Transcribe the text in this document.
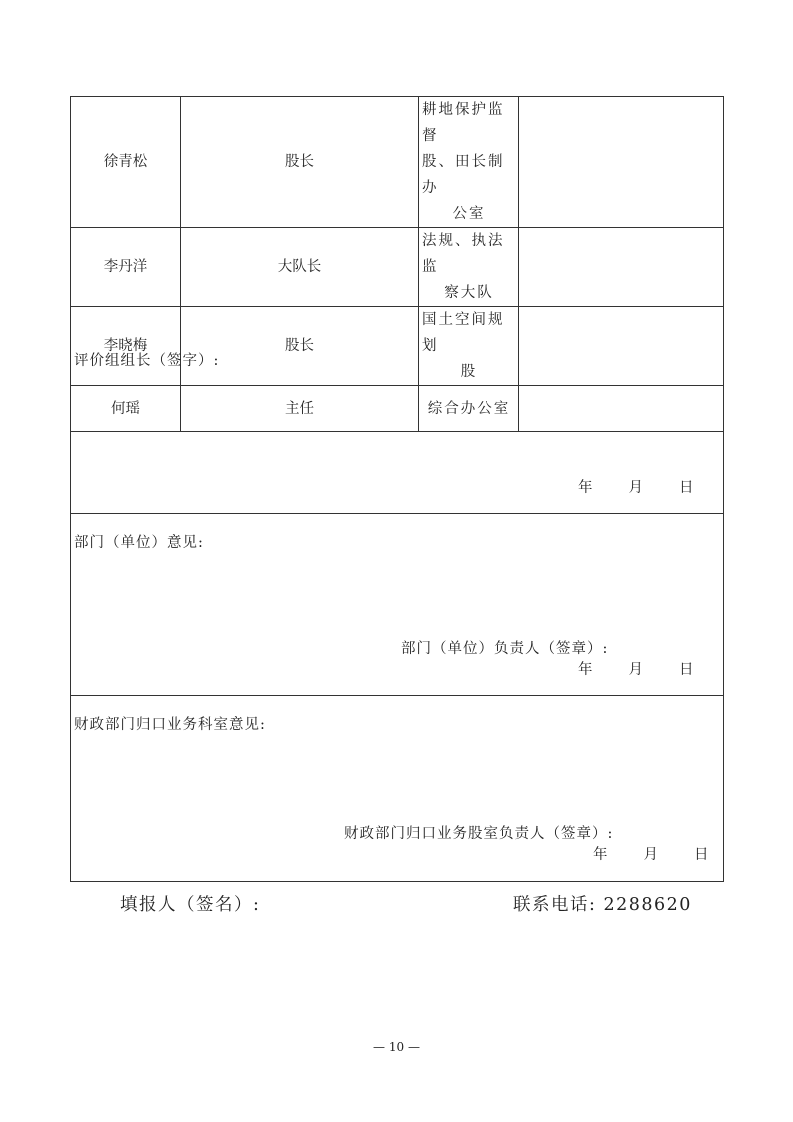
徐青松	股长	耕地保护监督
股、田长制办

公室	

李丹洋	大队长	法规、执法监

察大队	

李晓梅	股长	国土空间规划

股	

何瑶	主任	综合办公室	
评价组组长（签字）:
年 月 日
部门（单位）意见:
部门（单位）负责人（签章）:
年 月 日
财政部门归口业务科室意见:
财政部门归口业务股室负责人（签章）:
年 月 日
填报人（签名）:	联系电话: 2288620
— 10 —
